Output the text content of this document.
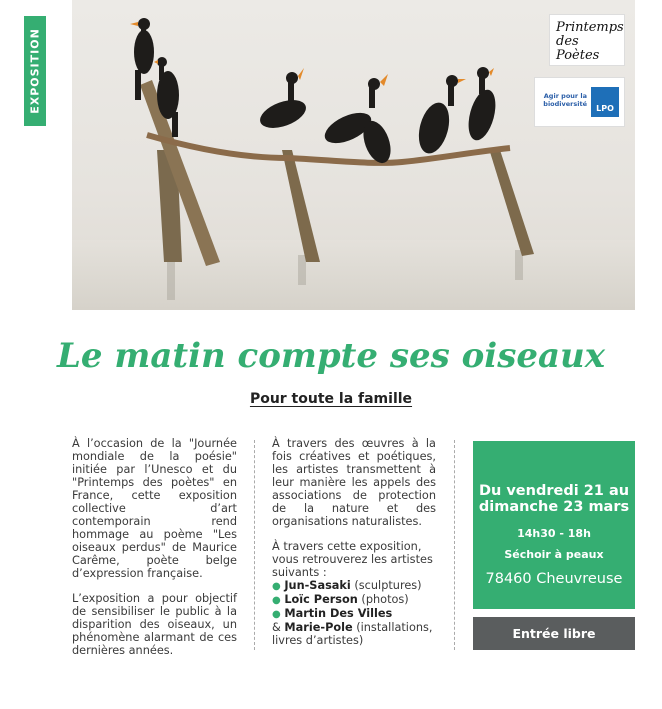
EXPOSITION
Printemps des Poètes
Agir pour la biodiversité	LPO
Le matin compte ses oiseaux
Pour toute la famille

À l’occasion de la "Journée mondiale de la poésie" initiée par l’Unesco et du "Printemps des poètes" en France, cette exposition collective d’art contemporain rend hommage au poème "Les oiseaux perdus" de Maurice Carême, poète belge d’expression française.

L’exposition a pour objectif de sensibiliser le public à la disparition des oiseaux, un phénomène alarmant de ces dernières années.

À travers des œuvres à la fois créatives et poétiques, les artistes transmettent à leur manière les appels des associations de protection de la nature et des organisations naturalistes.

À travers cette exposition, vous retrouverez les artistes suivants :
● Jun-Sasaki (sculptures)
● Loïc Person (photos)
● Martin Des Villes
& Marie-Pole (installations, livres d’artistes)
Du vendredi 21 au dimanche 23 mars
14h30 - 18h
Séchoir à peaux
78460 Cheuvreuse
Entrée libre
